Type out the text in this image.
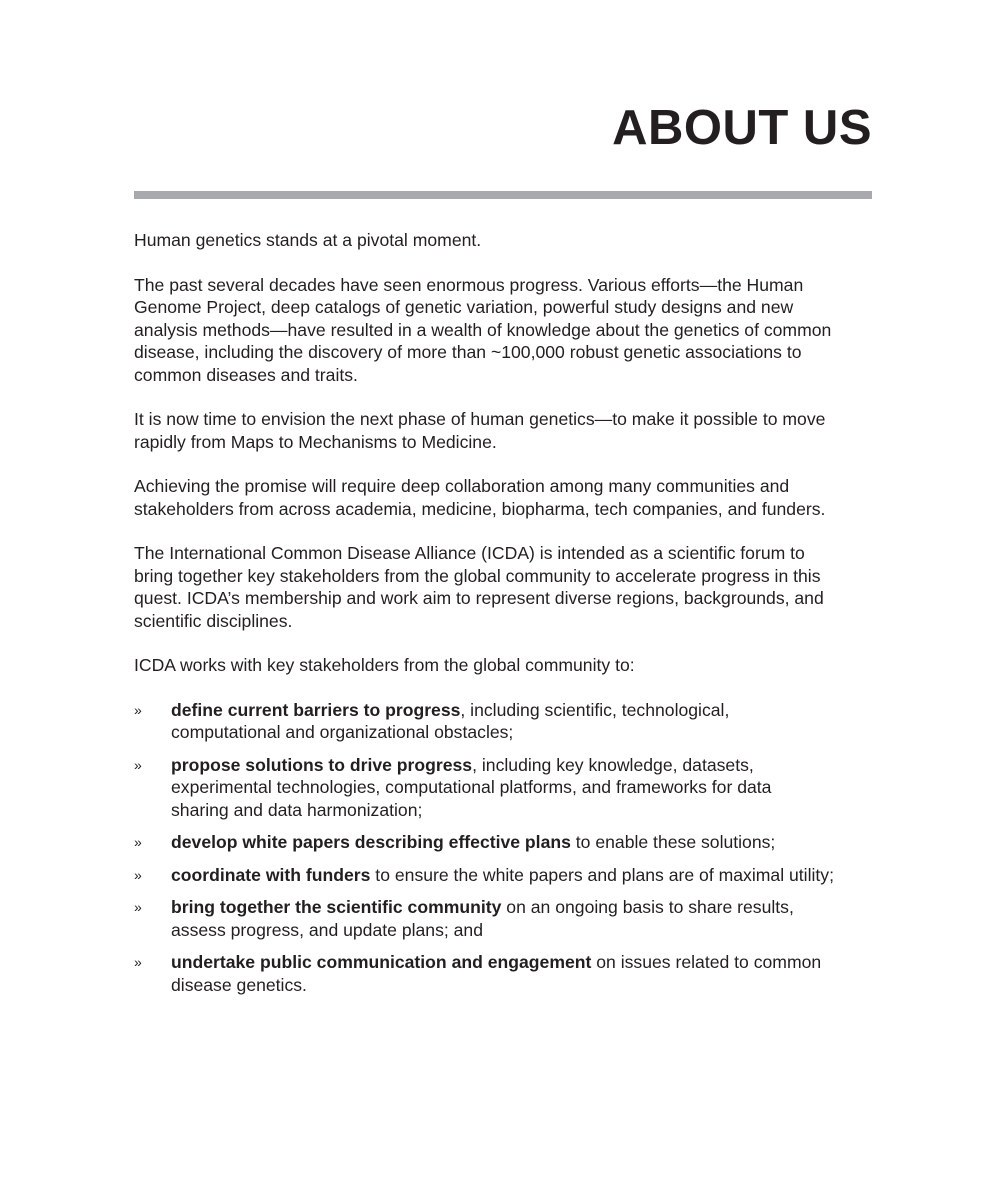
ABOUT US

Human genetics stands at a pivotal moment.

The past several decades have seen enormous progress. Various efforts—the Human Genome Project, deep catalogs of genetic variation, powerful study designs and new analysis methods—have resulted in a wealth of knowledge about the genetics of common disease, including the discovery of more than ~100,000 robust genetic associations to common diseases and traits.

It is now time to envision the next phase of human genetics—to make it possible to move rapidly from Maps to Mechanisms to Medicine.

Achieving the promise will require deep collaboration among many communities and stakeholders from across academia, medicine, biopharma, tech companies, and funders.

The International Common Disease Alliance (ICDA) is intended as a scientific forum to bring together key stakeholders from the global community to accelerate progress in this quest. ICDA’s membership and work aim to represent diverse regions, backgrounds, and scientific disciplines.

ICDA works with key stakeholders from the global community to:

» define current barriers to progress, including scientific, technological, computational and organizational obstacles;
» propose solutions to drive progress, including key knowledge, datasets, experimental technologies, computational platforms, and frameworks for data sharing and data harmonization;
» develop white papers describing effective plans to enable these solutions;
» coordinate with funders to ensure the white papers and plans are of maximal utility;
» bring together the scientific community on an ongoing basis to share results, assess progress, and update plans; and
» undertake public communication and engagement on issues related to common disease genetics.
